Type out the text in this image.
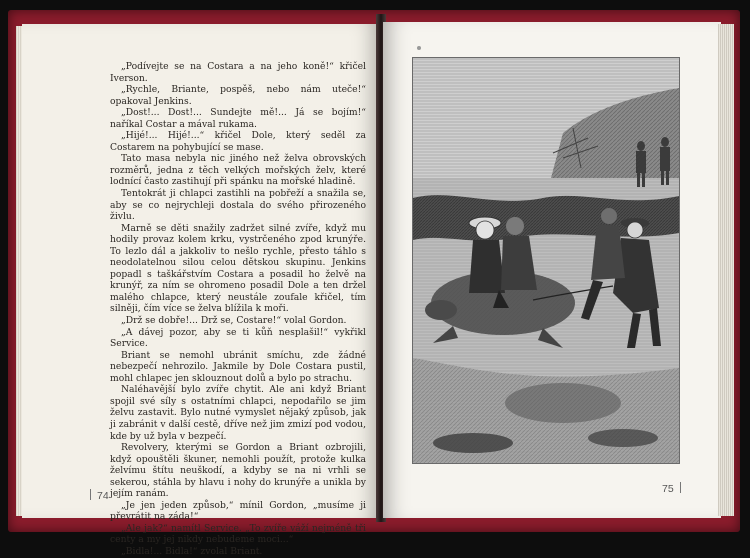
„Podívejte se na Costara a na jeho koně!“ křičel Iverson.

„Rychle, Briante, pospěš, nebo nám uteče!“ opakoval Jenkins.

„Dost!... Dost!... Sundejte mě!... Já se bojím!“ naříkal Costar a mával rukama.

„Hijé!... Hijé!...“ křičel Dole, který seděl za Costarem na pohybující se mase.

Tato masa nebyla nic jiného než želva obrovských rozměrů, jedna z těch velkých mořských želv, které lodnící často zastihují při spánku na mořské hladině.

Tentokrát ji chlapci zastihli na pobřeží a snažila se, aby se co nejrychleji dostala do svého přirozeného živlu.

Marně se děti snažily zadržet silné zvíře, když mu hodily provaz kolem krku, vystrčeného zpod krunýře. To lezlo dál a jakkoliv to nešlo rychle, přesto táhlo s neodolatelnou silou celou dětskou skupinu. Jenkins popadl s taškářstvím Costara a posadil ho želvě na krunýř, za ním se ohromeno posadil Dole a ten držel malého chlapce, který neustále zoufale křičel, tím silněji, čím více se želva blížila k moři.

„Drž se dobře!... Drž se, Costare!“ volal Gordon.

„A dávej pozor, aby se ti kůň nesplašil!“ vykřikl Service.

Briant se nemohl ubránit smíchu, zde žádné nebezpečí nehrozilo. Jakmile by Dole Costara pustil, mohl chlapec jen sklouznout dolů a bylo po strachu.

Naléhavější bylo zvíře chytit. Ale ani když Briant spojil své síly s ostatními chlapci, nepodařilo se jim želvu zastavit. Bylo nutné vymyslet nějaký způsob, jak ji zabránit v další cestě, dříve než jim zmizí pod vodou, kde by už byla v bezpečí.

Revolvery, kterými se Gordon a Briant ozbrojili, když opouštěli škuner, nemohli použít, protože kulka želvímu štítu neuškodí, a kdyby se na ni vrhli se sekerou, stáhla by hlavu i nohy do krunýře a unikla by jejím ranám.

„Je jen jeden způsob,“ mínil Gordon, „musíme ji převrátit na záda!“

„Ale jak?“ namítl Service. „To zvíře váží nejméně tři centy a my jej nikdy nebudeme moci...“

„Bidla!... Bidla!“ zvolal Briant.

74
75
